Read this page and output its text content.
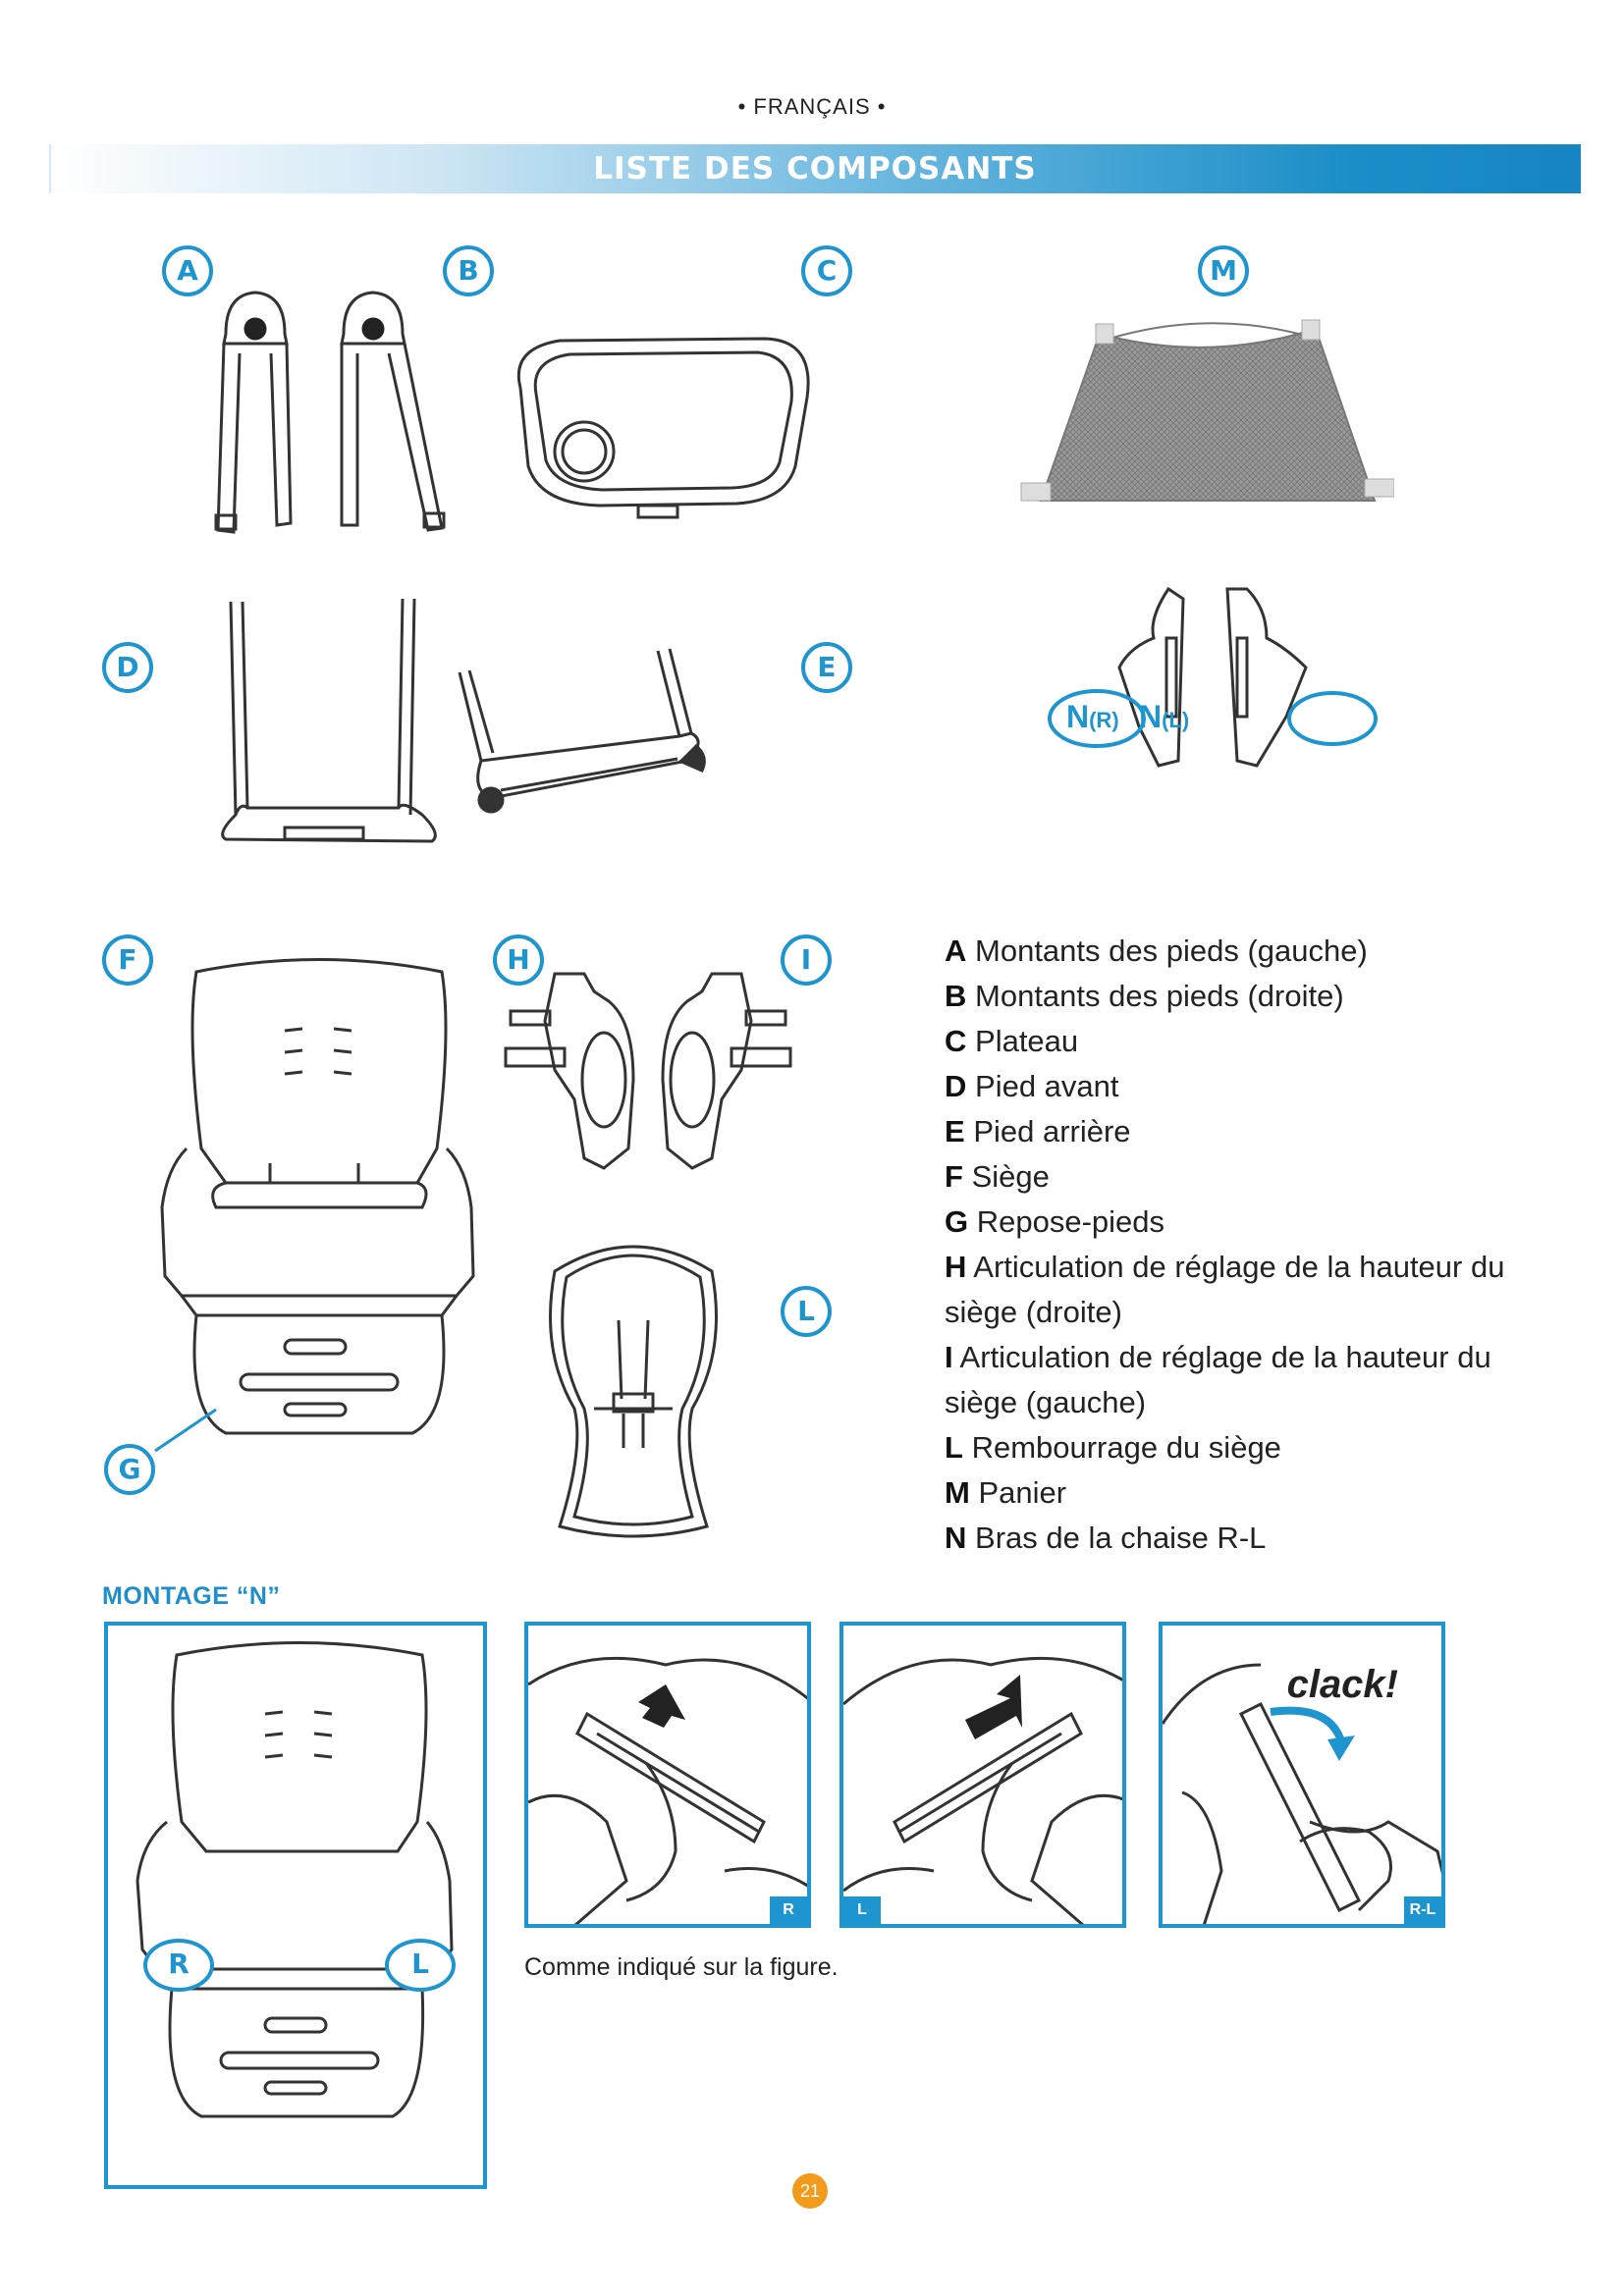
• FRANÇAIS •
LISTE DES COMPOSANTS
A	B	C	M
D	E
F	H	I
L
G
N(R) N(L)
A Montants des pieds (gauche)
B Montants des pieds (droite)
C Plateau
D Pied avant
E Pied arrière
F Siège
G Repose-pieds
H Articulation de réglage de la hauteur du siège (droite)
I Articulation de réglage de la hauteur du siège (gauche)
L Rembourrage du siège
M Panier
N Bras de la chaise R-L
MONTAGE “N”
R	L
R	L
clack!
R-L
Comme indiqué sur la figure.
21
